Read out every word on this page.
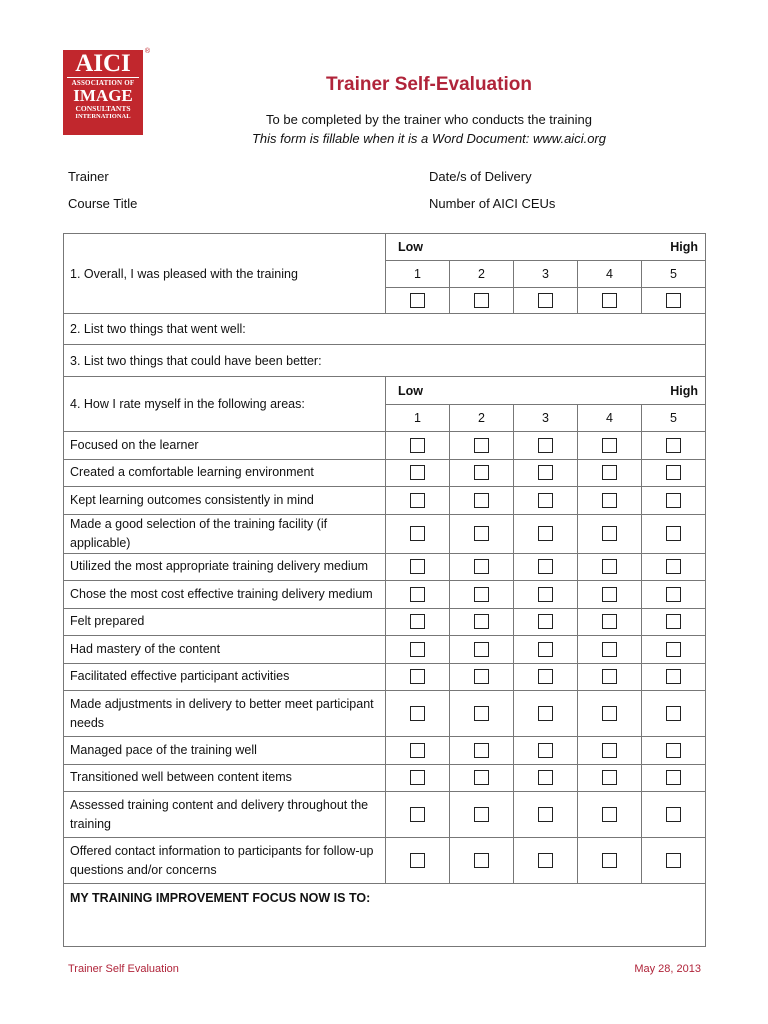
®
AICI
ASSOCIATION OF
IMAGE
CONSULTANTS
INTERNATIONAL
Trainer Self-Evaluation
To be completed by the trainer who conducts the training
This form is fillable when it is a Word Document: www.aici.org
Trainer	Date/s of Delivery
Course Title	Number of AICI CEUs
1. Overall, I was pleased with the training	Low High				

	1	2	3	4	5

2. List two things that went well:					
3. List two things that could have been better:					
4. How I rate myself in the following areas:	Low High				

	1	2	3	4	5
Focused on the learner					
Created a comfortable learning environment					
Kept learning outcomes consistently in mind					
Made a good selection of the training facility (if applicable)					
Utilized the most appropriate training delivery medium					
Chose the most cost effective training delivery medium					
Felt prepared					
Had mastery of the content					
Facilitated effective participant activities					
Made adjustments in delivery to better meet participant needs					
Managed pace of the training well					
Transitioned well between content items					
Assessed training content and delivery throughout the training					
Offered contact information to participants for follow-up questions and/or concerns					
MY TRAINING IMPROVEMENT FOCUS NOW IS TO:					
Trainer Self Evaluation	May 28, 2013
